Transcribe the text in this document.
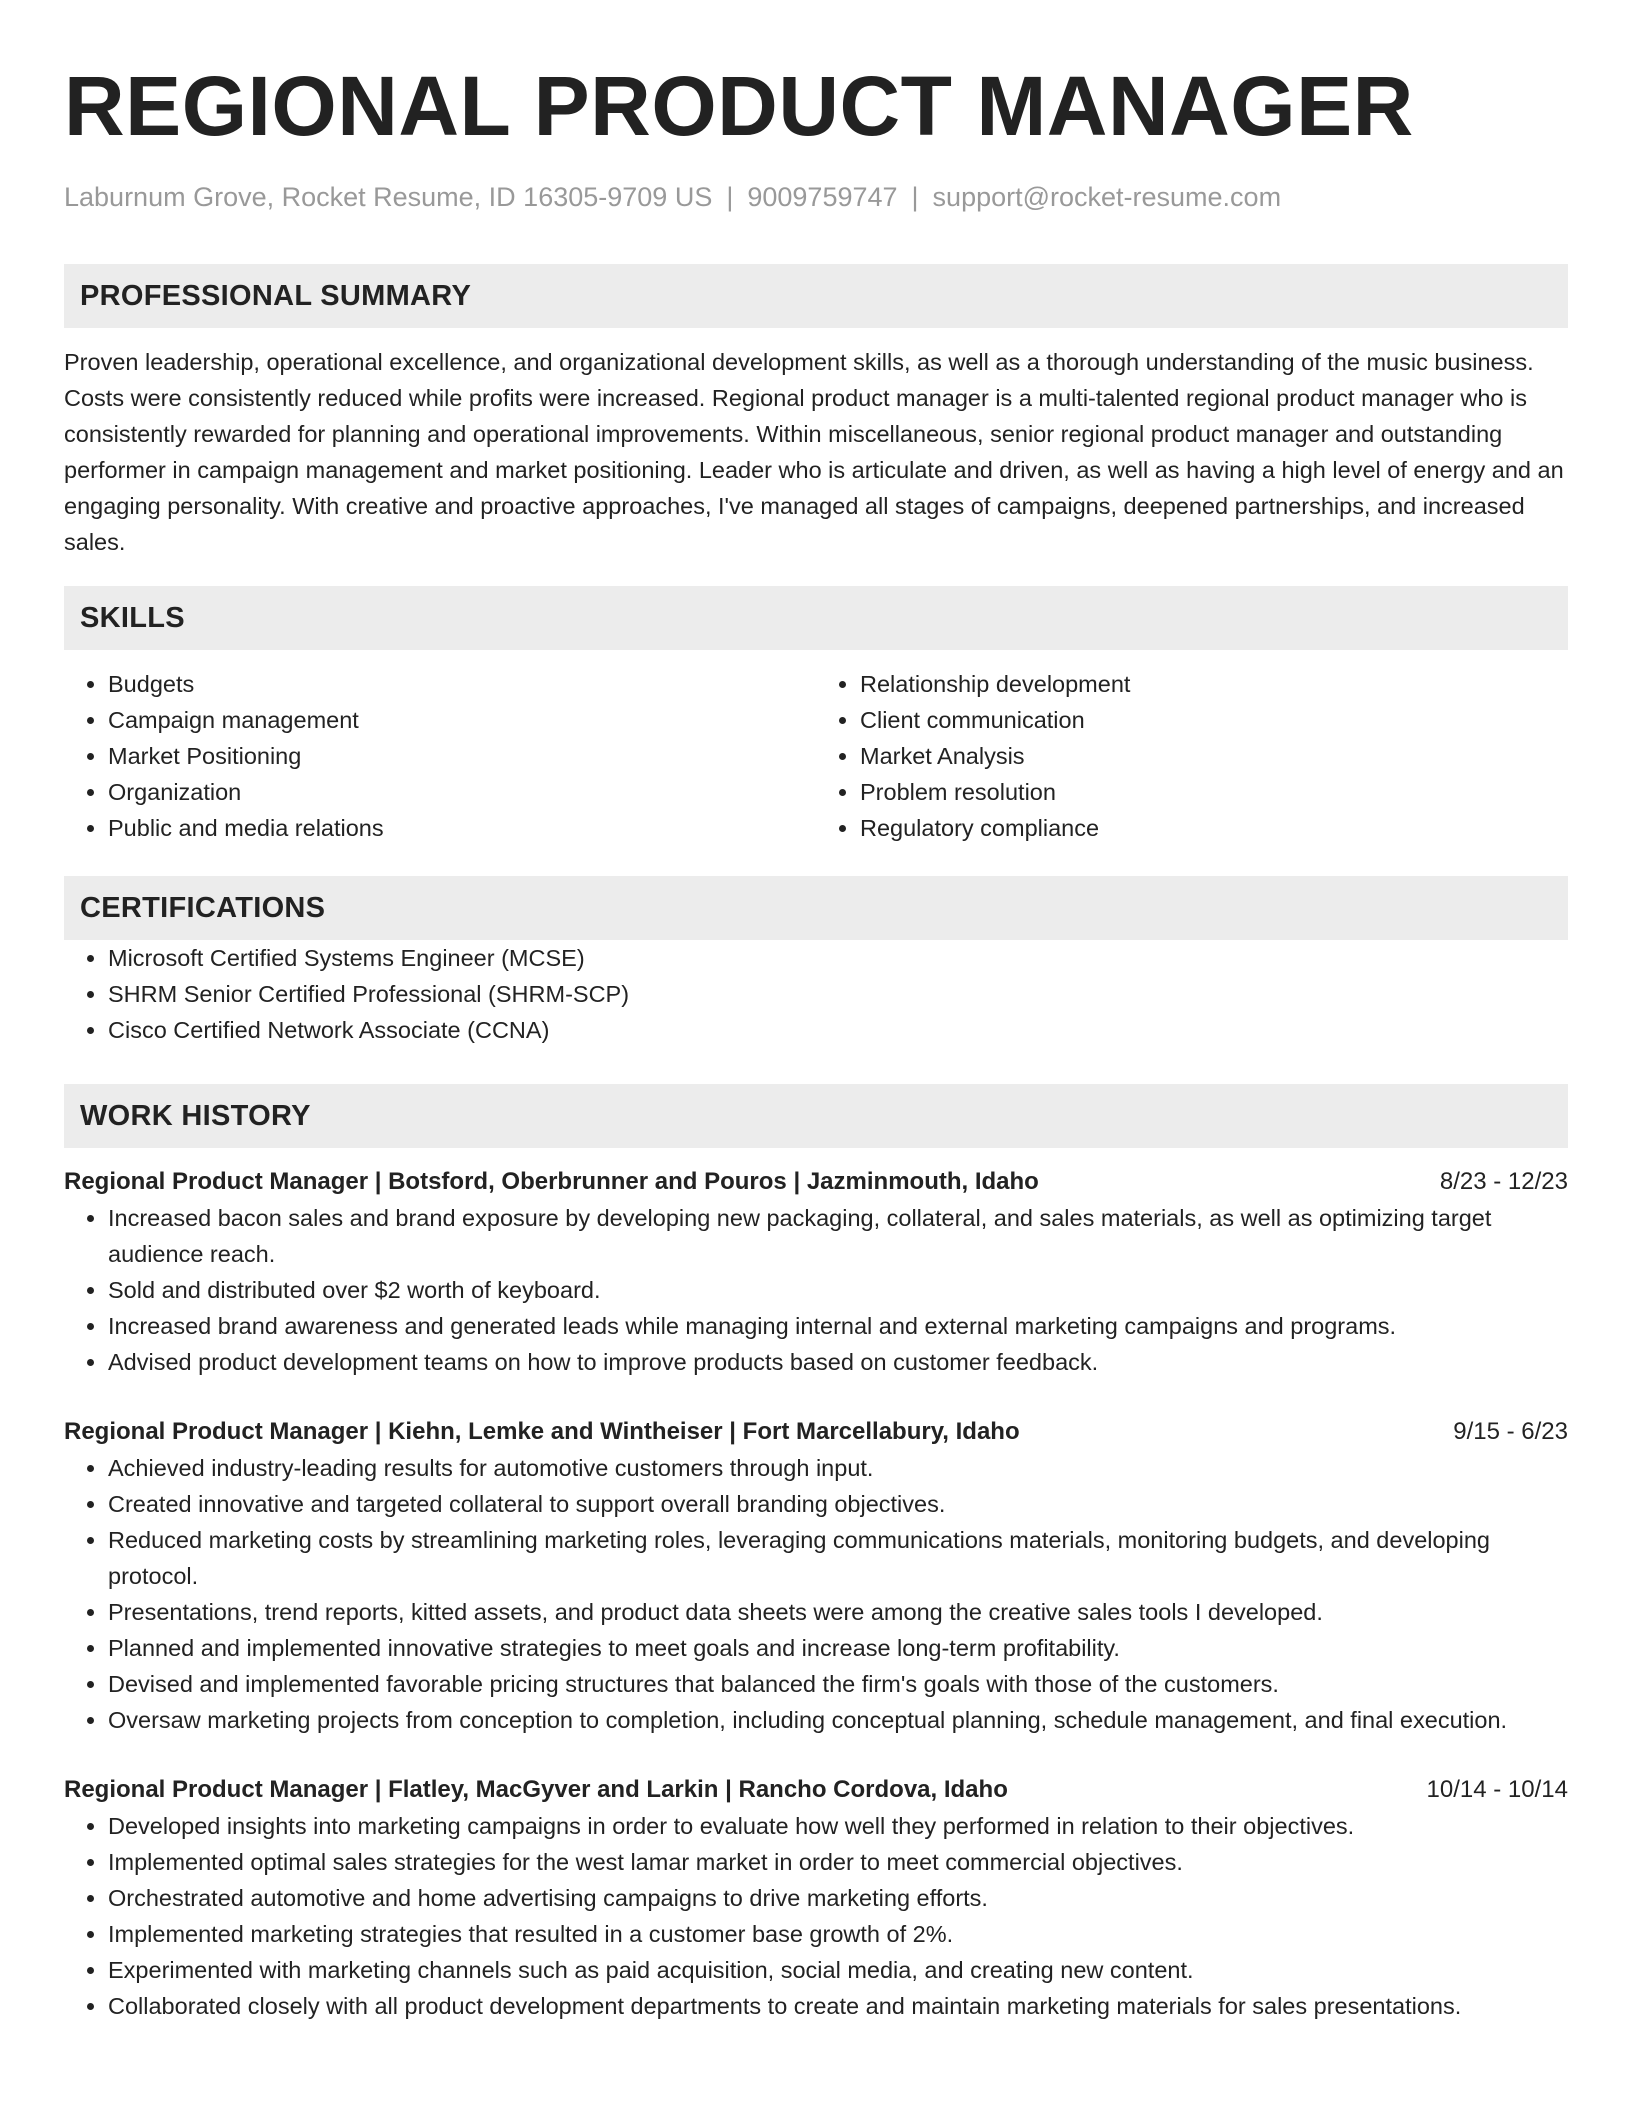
REGIONAL PRODUCT MANAGER
Laburnum Grove, Rocket Resume, ID 16305-9709 US | 9009759747 | support@rocket-resume.com
PROFESSIONAL SUMMARY

Proven leadership, operational excellence, and organizational development skills, as well as a thorough understanding of the music business. Costs were consistently reduced while profits were increased. Regional product manager is a multi-talented regional product manager who is consistently rewarded for planning and operational improvements. Within miscellaneous, senior regional product manager and outstanding performer in campaign management and market positioning. Leader who is articulate and driven, as well as having a high level of energy and an engaging personality. With creative and proactive approaches, I've managed all stages of campaigns, deepened partnerships, and increased sales.

SKILLS
• Budgets
• Campaign management
• Market Positioning
• Organization
• Public and media relations
• Relationship development
• Client communication
• Market Analysis
• Problem resolution
• Regulatory compliance
CERTIFICATIONS
• Microsoft Certified Systems Engineer (MCSE)
• SHRM Senior Certified Professional (SHRM-SCP)
• Cisco Certified Network Associate (CCNA)
WORK HISTORY
Regional Product Manager | Botsford, Oberbrunner and Pouros | Jazminmouth, Idaho	8/23 - 12/23
• Increased bacon sales and brand exposure by developing new packaging, collateral, and sales materials, as well as optimizing target audience reach.
• Sold and distributed over $2 worth of keyboard.
• Increased brand awareness and generated leads while managing internal and external marketing campaigns and programs.
• Advised product development teams on how to improve products based on customer feedback.
Regional Product Manager | Kiehn, Lemke and Wintheiser | Fort Marcellabury, Idaho	9/15 - 6/23
• Achieved industry-leading results for automotive customers through input.
• Created innovative and targeted collateral to support overall branding objectives.
• Reduced marketing costs by streamlining marketing roles, leveraging communications materials, monitoring budgets, and developing protocol.
• Presentations, trend reports, kitted assets, and product data sheets were among the creative sales tools I developed.
• Planned and implemented innovative strategies to meet goals and increase long-term profitability.
• Devised and implemented favorable pricing structures that balanced the firm's goals with those of the customers.
• Oversaw marketing projects from conception to completion, including conceptual planning, schedule management, and final execution.
Regional Product Manager | Flatley, MacGyver and Larkin | Rancho Cordova, Idaho	10/14 - 10/14
• Developed insights into marketing campaigns in order to evaluate how well they performed in relation to their objectives.
• Implemented optimal sales strategies for the west lamar market in order to meet commercial objectives.
• Orchestrated automotive and home advertising campaigns to drive marketing efforts.
• Implemented marketing strategies that resulted in a customer base growth of 2%.
• Experimented with marketing channels such as paid acquisition, social media, and creating new content.
• Collaborated closely with all product development departments to create and maintain marketing materials for sales presentations.
